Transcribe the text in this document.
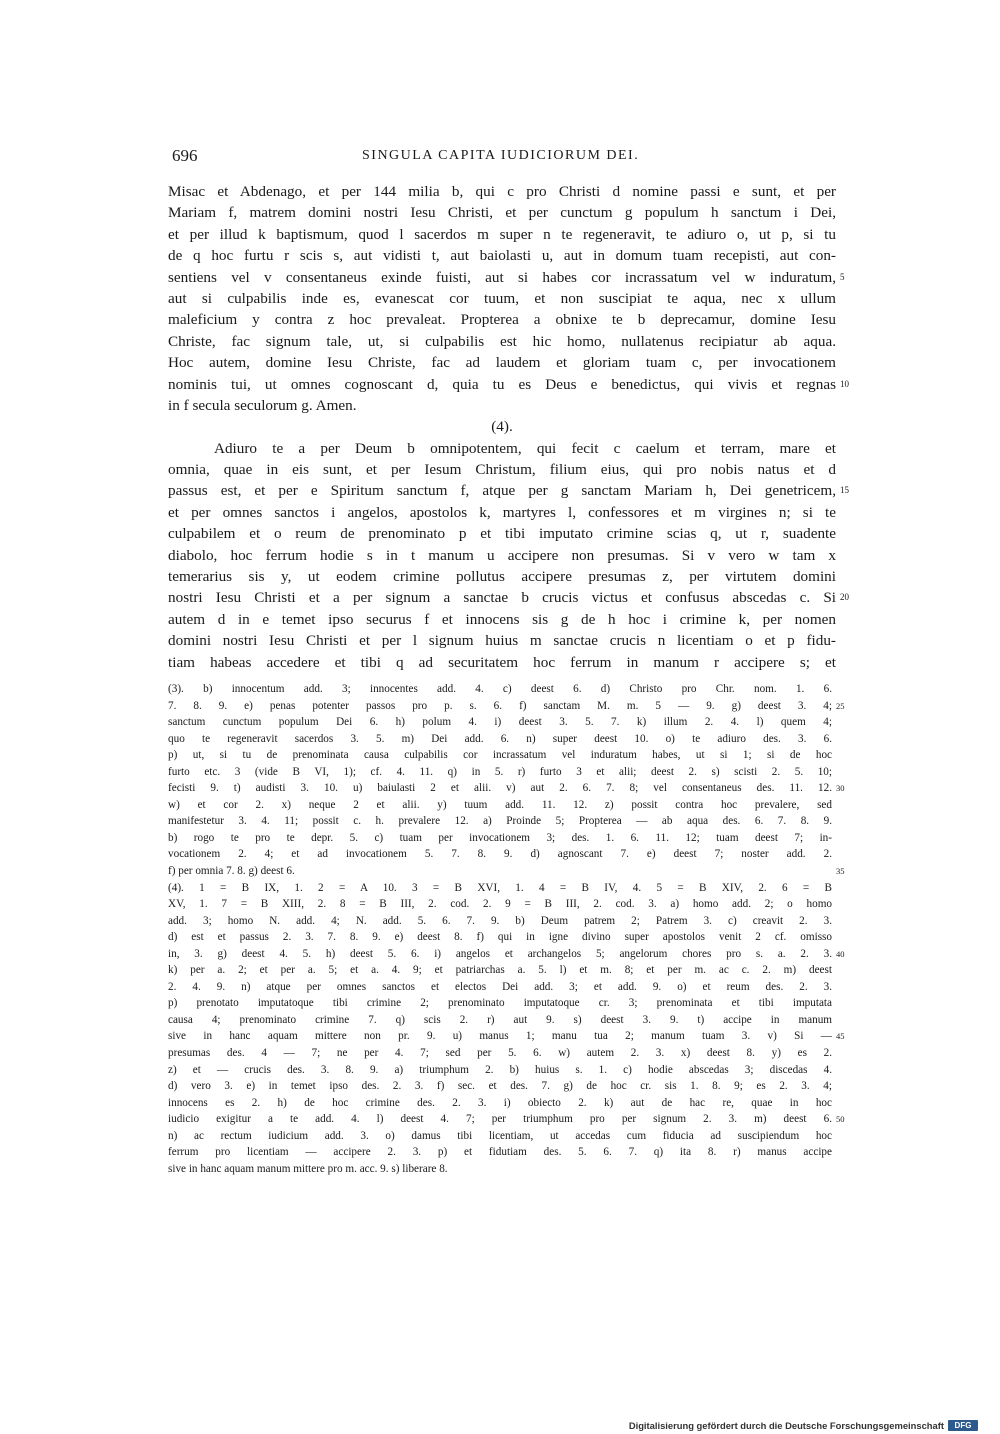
696	SINGULA CAPITA IUDICIORUM DEI.
Misac et Abdenago, et per 144 milia b, qui c pro Christi d nomine passi e sunt, et per
Mariam f, matrem domini nostri Iesu Christi, et per cunctum g populum h sanctum i Dei,
et per illud k baptismum, quod l sacerdos m super n te regeneravit, te adiuro o, ut p, si tu
de q hoc furtu r scis s, aut vidisti t, aut baiolasti u, aut in domum tuam recepisti, aut con-
sentiens vel v consentaneus exinde fuisti, aut si habes cor incrassatum vel w induratum, 5
aut si culpabilis inde es, evanescat cor tuum, et non suscipiat te aqua, nec x ullum
maleficium y contra z hoc prevaleat. Propterea a obnixe te b deprecamur, domine Iesu
Christe, fac signum tale, ut, si culpabilis est hic homo, nullatenus recipiatur ab aqua.
Hoc autem, domine Iesu Christe, fac ad laudem et gloriam tuam c, per invocationem
nominis tui, ut omnes cognoscant d, quia tu es Deus e benedictus, qui vivis et regnas 10
in f secula seculorum g. Amen.
(4).
Adiuro te a per Deum b omnipotentem, qui fecit c caelum et terram, mare et
omnia, quae in eis sunt, et per Iesum Christum, filium eius, qui pro nobis natus et d
passus est, et per e Spiritum sanctum f, atque per g sanctam Mariam h, Dei genetricem, 15
et per omnes sanctos i angelos, apostolos k, martyres l, confessores et m virgines n; si te
culpabilem et o reum de prenominato p et tibi imputato crimine scias q, ut r, suadente
diabolo, hoc ferrum hodie s in t manum u accipere non presumas. Si v vero w tam x
temerarius sis y, ut eodem crimine pollutus accipere presumas z, per virtutem domini
nostri Iesu Christi et a per signum a sanctae b crucis victus et confusus abscedas c. Si 20
autem d in e temet ipso securus f et innocens sis g de h hoc i crimine k, per nomen
domini nostri Iesu Christi et per l signum huius m sanctae crucis n licentiam o et p fidu-
tiam habeas accedere et tibi q ad securitatem hoc ferrum in manum r accipere s; et
(3). b) innocentum add. 3; innocentes add. 4. c) deest 6. d) Christo pro Chr. nom. 1. 6.
7. 8. 9. e) penas potenter passos pro p. s. 6. f) sanctam M. m. 5 — 9. g) deest 3. 4; 25
sanctum cunctum populum Dei 6. h) polum 4. i) deest 3. 5. 7. k) illum 2. 4. l) quem 4;
quo te regeneravit sacerdos 3. 5. m) Dei add. 6. n) super deest 10. o) te adiuro des. 3. 6.
p) ut, si tu de prenominata causa culpabilis cor incrassatum vel induratum habes, ut si 1; si de hoc
furto etc. 3 (vide B VI, 1); cf. 4. 11. q) in 5. r) furto 3 et alii; deest 2. s) scisti 2. 5. 10;
fecisti 9. t) audisti 3. 10. u) baiulasti 2 et alii. v) aut 2. 6. 7. 8; vel consentaneus des. 11. 12. 30
w) et cor 2. x) neque 2 et alii. y) tuum add. 11. 12. z) possit contra hoc prevalere, sed
manifestetur 3. 4. 11; possit c. h. prevalere 12. a) Proinde 5; Propterea — ab aqua des. 6. 7. 8. 9.
b) rogo te pro te depr. 5. c) tuam per invocationem 3; des. 1. 6. 11. 12; tuam deest 7; in-
vocationem 2. 4; et ad invocationem 5. 7. 8. 9. d) agnoscant 7. e) deest 7; noster add. 2.
f) per omnia 7. 8. g) deest 6.	35
(4). 1 = B IX, 1. 2 = A 10. 3 = B XVI, 1. 4 = B IV, 4. 5 = B XIV, 2. 6 = B
XV, 1. 7 = B XIII, 2. 8 = B III, 2. cod. 2. 9 = B III, 2. cod. 3. a) homo add. 2; o homo
add. 3; homo N. add. 4; N. add. 5. 6. 7. 9. b) Deum patrem 2; Patrem 3. c) creavit 2. 3.
d) est et passus 2. 3. 7. 8. 9. e) deest 8. f) qui in igne divino super apostolos venit 2 cf. omisso
in, 3. g) deest 4. 5. h) deest 5. 6. i) angelos et archangelos 5; angelorum chores pro s. a. 2. 3. 40
k) per a. 2; et per a. 5; et a. 4. 9; et patriarchas a. 5. l) et m. 8; et per m. ac c. 2. m) deest
2. 4. 9. n) atque per omnes sanctos et electos Dei add. 3; et add. 9. o) et reum des. 2. 3.
p) prenotato imputatoque tibi crimine 2; prenominato imputatoque cr. 3; prenominata et tibi imputata
causa 4; prenominato crimine 7. q) scis 2. r) aut 9. s) deest 3. 9. t) accipe in manum
sive in hanc aquam mittere non pr. 9. u) manus 1; manu tua 2; manum tuam 3. v) Si — 45
presumas des. 4 — 7; ne per 4. 7; sed per 5. 6. w) autem 2. 3. x) deest 8. y) es 2.
z) et — crucis des. 3. 8. 9. a) triumphum 2. b) huius s. 1. c) hodie abscedas 3; discedas 4.
d) vero 3. e) in temet ipso des. 2. 3. f) sec. et des. 7. g) de hoc cr. sis 1. 8. 9; es 2. 3. 4;
innocens es 2. h) de hoc crimine des. 2. 3. i) obiecto 2. k) aut de hac re, quae in hoc
iudicio exigitur a te add. 4. l) deest 4. 7; per triumphum pro per signum 2. 3. m) deest 6. 50
n) ac rectum iudicium add. 3. o) damus tibi licentiam, ut accedas cum fiducia ad suscipiendum hoc
ferrum pro licentiam — accipere 2. 3. p) et fidutiam des. 5. 6. 7. q) ita 8. r) manus accipe
sive in hanc aquam manum mittere pro m. acc. 9. s) liberare 8.
Digitalisierung gefördert durch die Deutsche Forschungsgemeinschaft	DFG
